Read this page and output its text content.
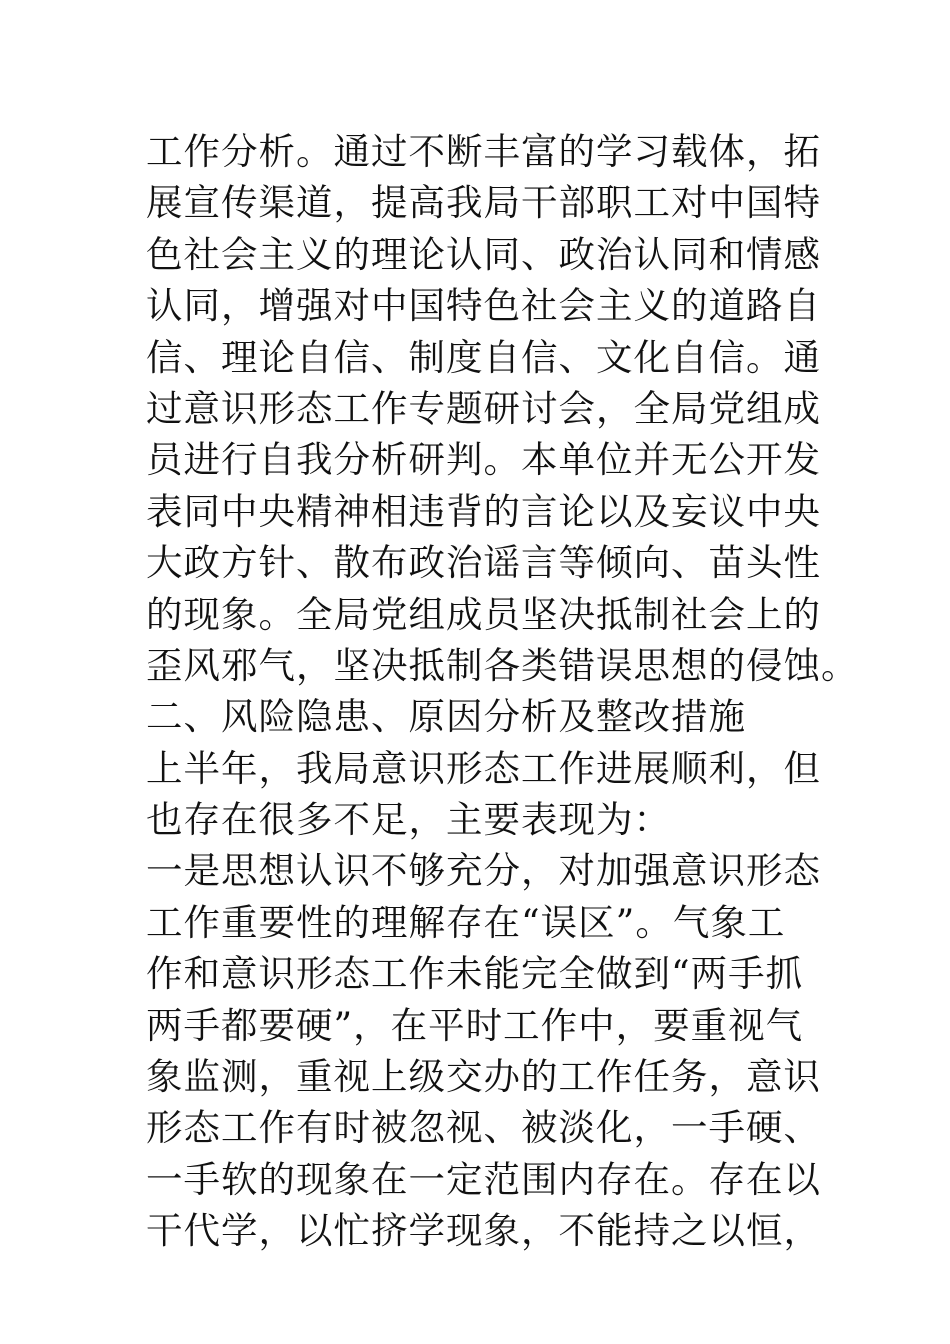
工作分析。通过不断丰富的学习载体，拓
展宣传渠道，提高我局干部职工对中国特
色社会主义的理论认同、政治认同和情感
认同，增强对中国特色社会主义的道路自
信、理论自信、制度自信、文化自信。通
过意识形态工作专题研讨会，全局党组成
员进行自我分析研判。本单位并无公开发
表同中央精神相违背的言论以及妄议中央
大政方针、散布政治谣言等倾向、苗头性
的现象。全局党组成员坚决抵制社会上的
歪风邪气，坚决抵制各类错误思想的侵蚀。
二、风险隐患、原因分析及整改措施
上半年，我局意识形态工作进展顺利，但
也存在很多不足，主要表现为：
一是思想认识不够充分，对加强意识形态
工作重要性的理解存在“误区”。气象工
作和意识形态工作未能完全做到“两手抓
两手都要硬”，在平时工作中，要重视气
象监测，重视上级交办的工作任务，意识
形态工作有时被忽视、被淡化，一手硬、
一手软的现象在一定范围内存在。存在以
干代学，以忙挤学现象，不能持之以恒，
